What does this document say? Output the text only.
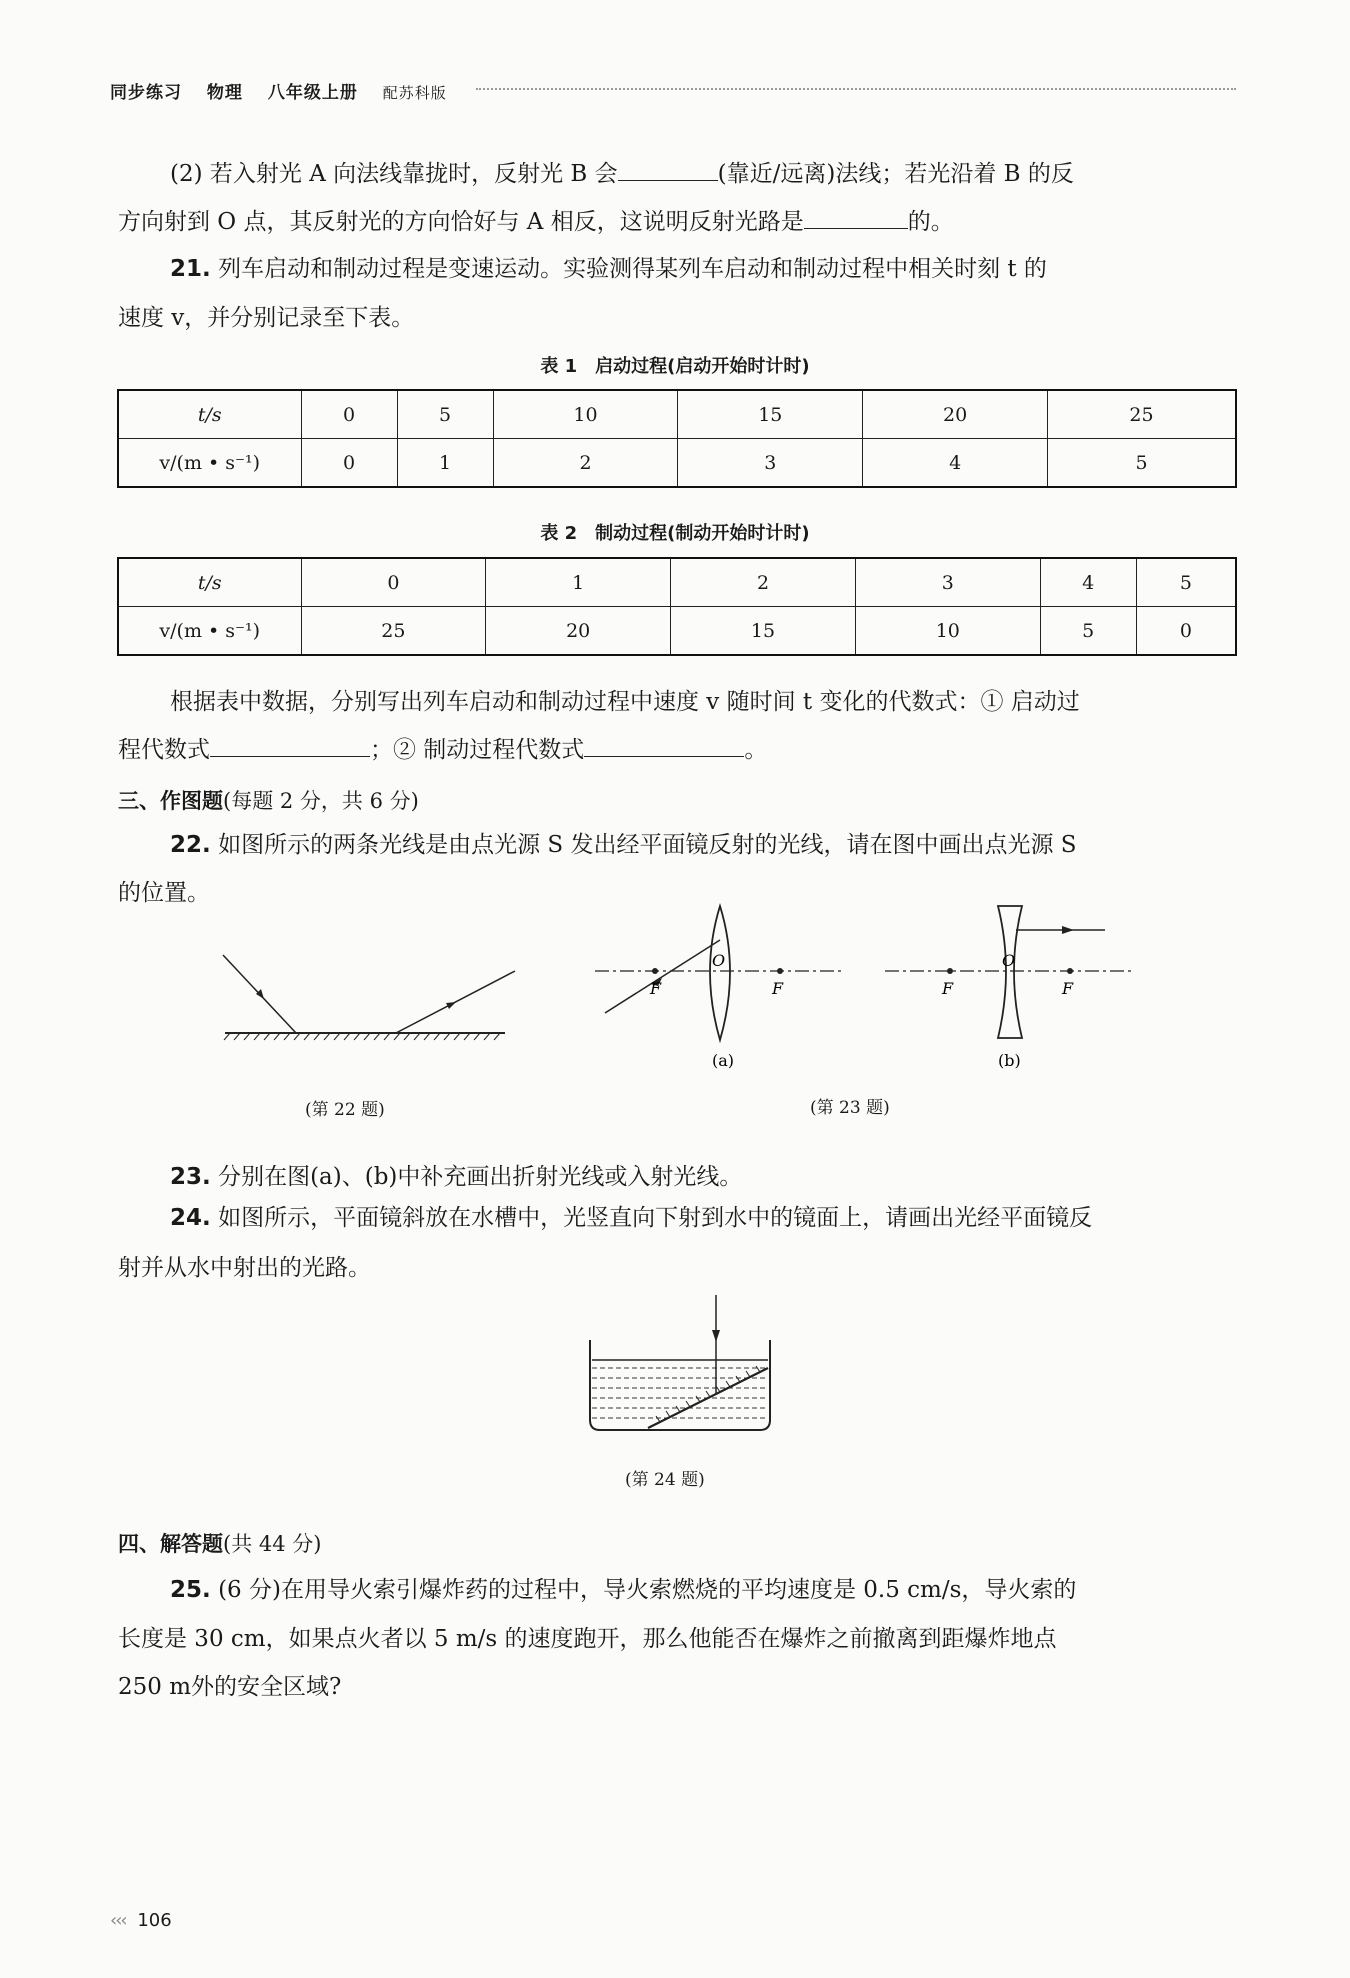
同步练习 物理 八年级上册 配苏科版
(2) 若入射光 A 向法线靠拢时，反射光 B 会	(靠近/远离)法线；若光沿着 B 的反
方向射到 O 点，其反射光的方向恰好与 A 相反，这说明反射光路是	的。
21. 列车启动和制动过程是变速运动。实验测得某列车启动和制动过程中相关时刻 t 的
速度 v，并分别记录至下表。
表 1　启动过程(启动开始时计时)
t/s	0	5	10	15	20	25
v/(m • s⁻¹)	0	1	2	3	4	5
表 2　制动过程(制动开始时计时)
t/s	0	1	2	3	4	5
v/(m • s⁻¹)	25	20	15	10	5	0
根据表中数据，分别写出列车启动和制动过程中速度 v 随时间 t 变化的代数式：① 启动过
程代数式	；② 制动过程代数式	。
三、作图题(每题 2 分，共 6 分)
22. 如图所示的两条光线是由点光源 S 发出经平面镜反射的光线，请在图中画出点光源 S
的位置。
(第 22 题)
F	F
O
(a)
F	F
O
(b)
(第 23 题)
23. 分别在图(a)、(b)中补充画出折射光线或入射光线。
24. 如图所示，平面镜斜放在水槽中，光竖直向下射到水中的镜面上，请画出光经平面镜反
射并从水中射出的光路。
(第 24 题)
四、解答题(共 44 分)
25. (6 分)在用导火索引爆炸药的过程中，导火索燃烧的平均速度是 0.5 cm/s，导火索的
长度是 30 cm，如果点火者以 5 m/s 的速度跑开，那么他能否在爆炸之前撤离到距爆炸地点
250 m外的安全区域?
‹‹‹ 106
